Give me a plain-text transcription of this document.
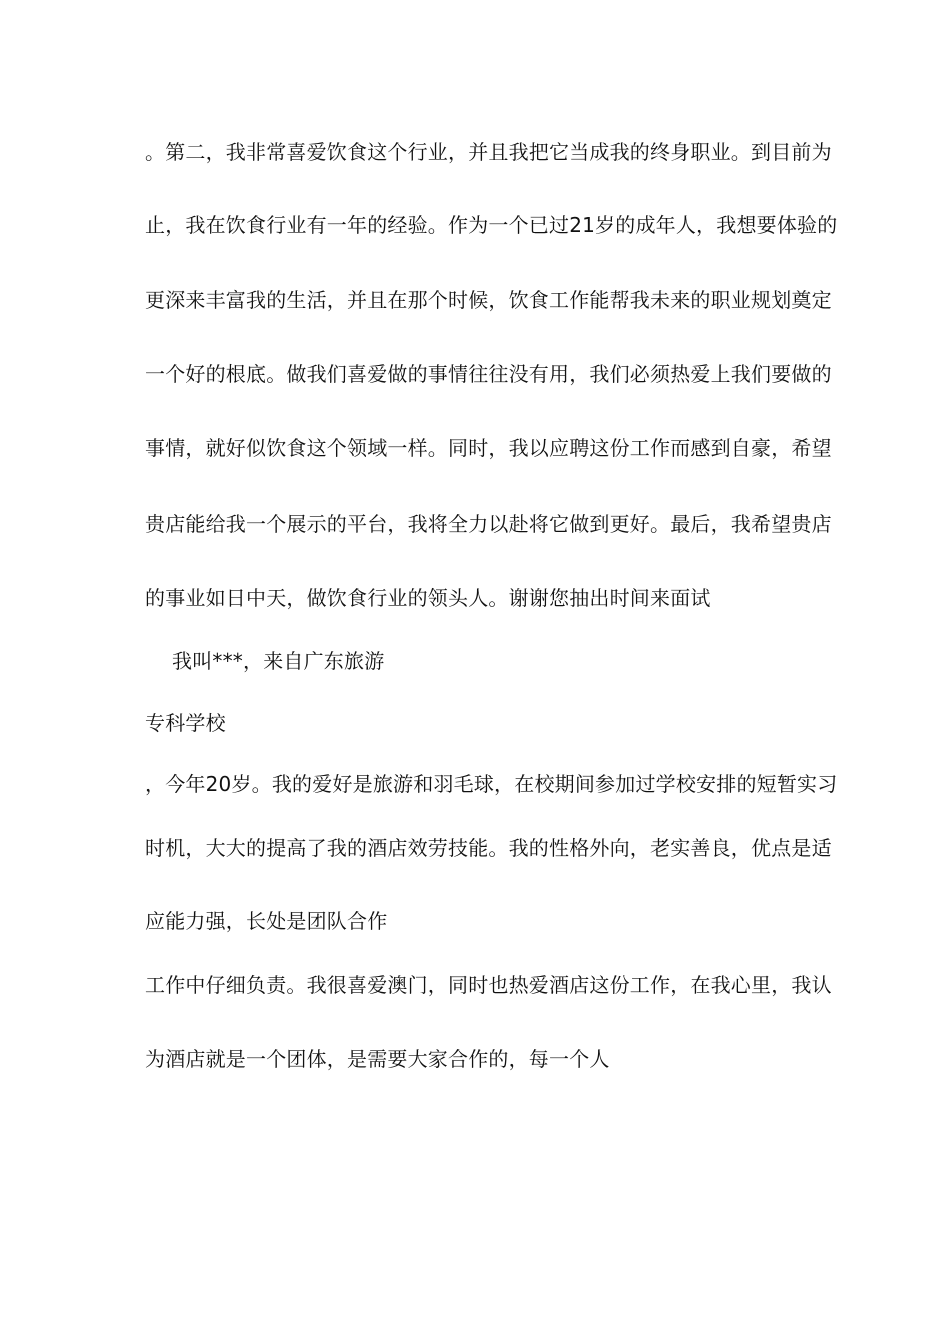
。第二，我非常喜爱饮食这个行业，并且我把它当成我的终身职业。到目前为
止，我在饮食行业有一年的经验。作为一个已过21岁的成年人，我想要体验的
更深来丰富我的生活，并且在那个时候，饮食工作能帮我未来的职业规划奠定
一个好的根底。做我们喜爱做的事情往往没有用，我们必须热爱上我们要做的
事情，就好似饮食这个领域一样。同时，我以应聘这份工作而感到自豪，希望
贵店能给我一个展示的平台，我将全力以赴将它做到更好。最后，我希望贵店
的事业如日中天，做饮食行业的领头人。谢谢您抽出时间来面试
我叫***，来自广东旅游
专科学校
，今年20岁。我的爱好是旅游和羽毛球，在校期间参加过学校安排的短暂实习
时机，大大的提高了我的酒店效劳技能。我的性格外向，老实善良，优点是适
应能力强，长处是团队合作
工作中仔细负责。我很喜爱澳门，同时也热爱酒店这份工作，在我心里，我认
为酒店就是一个团体，是需要大家合作的，每一个人
